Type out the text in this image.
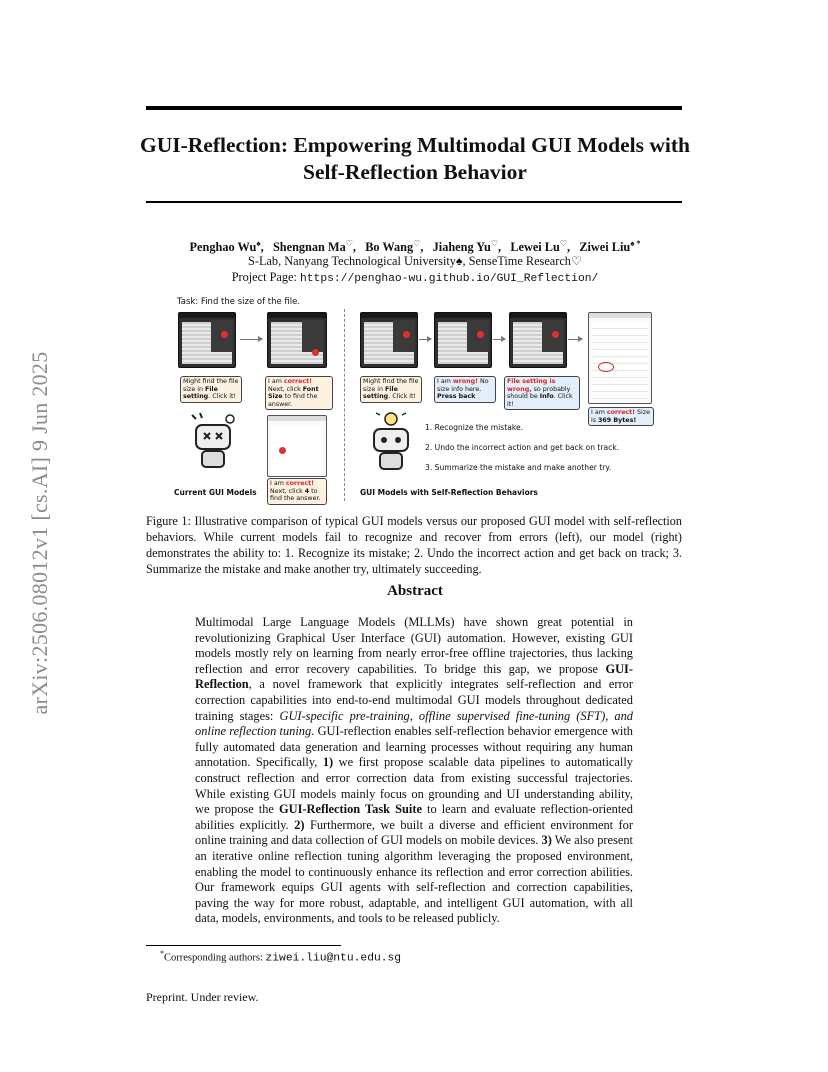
arXiv:2506.08012v1 [cs.AI] 9 Jun 2025
GUI-Reflection: Empowering Multimodal GUI Models with Self-Reflection Behavior
Penghao Wu♠,   Shengnan Ma♡,   Bo Wang♡,   Jiaheng Yu♡,   Lewei Lu♡,   Ziwei Liu♠ *
S-Lab, Nanyang Technological University♠, SenseTime Research♡
Project Page: https://penghao-wu.github.io/GUI_Reflection/
Task: Find the size of the file.
Might find the file size in File setting. Click it!
I am correct! Next, click Font Size to find the answer.
I am correct! Next, click 4 to find the answer.
Current GUI Models
Might find the file size in File setting. Click it!
I am wrong! No size info here. Press back
File setting is wrong, so probably should be Info. Click it!
I am correct! Size is 369 Bytes!
1. Recognize the mistake.
2. Undo the incorrect action and get back on track.
3. Summarize the mistake and make another try.
GUI Models with Self-Reflection Behaviors
Figure 1: Illustrative comparison of typical GUI models versus our proposed GUI model with self-reflection behaviors. While current models fail to recognize and recover from errors (left), our model (right) demonstrates the ability to: 1. Recognize its mistake; 2. Undo the incorrect action and get back on track; 3. Summarize the mistake and make another try, ultimately succeeding.
Abstract
Multimodal Large Language Models (MLLMs) have shown great potential in revolutionizing Graphical User Interface (GUI) automation. However, existing GUI models mostly rely on learning from nearly error-free offline trajectories, thus lacking reflection and error recovery capabilities. To bridge this gap, we propose GUI-Reflection, a novel framework that explicitly integrates self-reflection and error correction capabilities into end-to-end multimodal GUI models throughout dedicated training stages: GUI-specific pre-training, offline supervised fine-tuning (SFT), and online reflection tuning. GUI-reflection enables self-reflection behavior emergence with fully automated data generation and learning processes without requiring any human annotation. Specifically, 1) we first propose scalable data pipelines to automatically construct reflection and error correction data from existing successful trajectories. While existing GUI models mainly focus on grounding and UI understanding ability, we propose the GUI-Reflection Task Suite to learn and evaluate reflection-oriented abilities explicitly. 2) Furthermore, we built a diverse and efficient environment for online training and data collection of GUI models on mobile devices. 3) We also present an iterative online reflection tuning algorithm leveraging the proposed environment, enabling the model to continuously enhance its reflection and error correction abilities. Our framework equips GUI agents with self-reflection and correction capabilities, paving the way for more robust, adaptable, and intelligent GUI automation, with all data, models, environments, and tools to be released publicly.
*Corresponding authors: ziwei.liu@ntu.edu.sg
Preprint. Under review.
